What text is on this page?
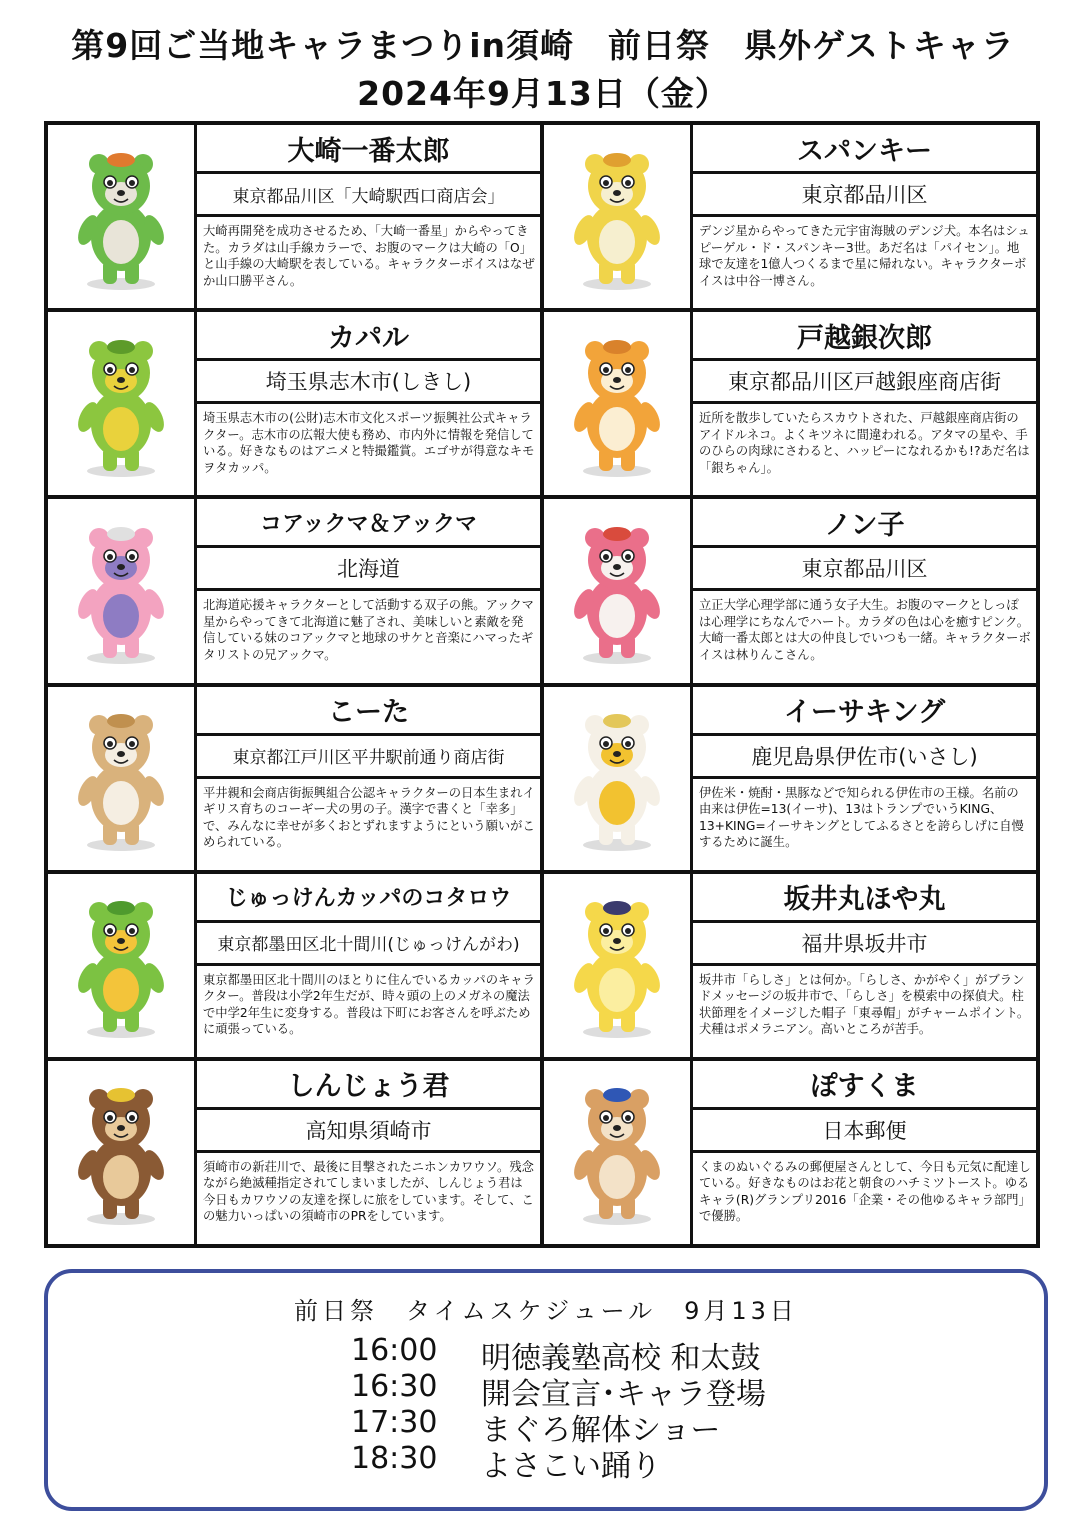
第9回ご当地キャラまつりin須崎　前日祭　県外ゲストキャラ
2024年9月13日（金）
大崎一番太郎
東京都品川区「大崎駅西口商店会」
大崎再開発を成功させるため、「大崎一番星」からやってきた。カラダは山手線カラーで、お腹のマークは大崎の「O」と山手線の大崎駅を表している。キャラクターボイスはなぜか山口勝平さん。
スパンキー
東京都品川区
デンジ星からやってきた元宇宙海賊のデンジ犬。本名はシュピーゲル・ド・スパンキー3世。あだ名は「パイセン」。地球で友達を1億人つくるまで星に帰れない。キャラクターボイスは中谷一博さん。
カパル
埼玉県志木市(しきし)
埼玉県志木市の(公財)志木市文化スポーツ振興社公式キャラクター。志木市の広報大使も務め、市内外に情報を発信している。好きなものはアニメと特撮鑑賞。エゴサが得意なキモヲタカッパ。
戸越銀次郎
東京都品川区戸越銀座商店街
近所を散歩していたらスカウトされた、戸越銀座商店街のアイドルネコ。よくキツネに間違われる。アタマの星や、手のひらの肉球にさわると、ハッピーになれるかも!?あだ名は「銀ちゃん」。
コアックマ＆アックマ
北海道
北海道応援キャラクターとして活動する双子の熊。アックマ星からやってきて北海道に魅了され、美味しいと素敵を発信している妹のコアックマと地球のサケと音楽にハマったギタリストの兄アックマ。
ノン子
東京都品川区
立正大学心理学部に通う女子大生。お腹のマークとしっぽは心理学にちなんでハート。カラダの色は心を癒すピンク。大崎一番太郎とは大の仲良しでいつも一緒。キャラクターボイスは林りんこさん。
こーた
東京都江戸川区平井駅前通り商店街
平井親和会商店街振興組合公認キャラクターの日本生まれイギリス育ちのコーギー犬の男の子。漢字で書くと「幸多」で、みんなに幸せが多くおとずれますようにという願いがこめられている。
イーサキング
鹿児島県伊佐市(いさし)
伊佐米・焼酎・黒豚などで知られる伊佐市の王様。名前の由来は伊佐=13(イーサ)、13はトランプでいうKING、13+KING=イーサキングとしてふるさとを誇らしげに自慢するために誕生。
じゅっけんカッパのコタロウ
東京都墨田区北十間川(じゅっけんがわ)
東京都墨田区北十間川のほとりに住んでいるカッパのキャラクター。普段は小学2年生だが、時々頭の上のメガネの魔法で中学2年生に変身する。普段は下町にお客さんを呼ぶために頑張っている。
坂井丸ほや丸
福井県坂井市
坂井市「らしさ」とは何か。「らしさ、かがやく」がブランドメッセージの坂井市で、「らしさ」を模索中の探偵犬。柱状節理をイメージした帽子「東尋帽」がチャームポイント。犬種はポメラニアン。高いところが苦手。
しんじょう君
高知県須崎市
須崎市の新荘川で、最後に目撃されたニホンカワウソ。残念ながら絶滅種指定されてしまいましたが、しんじょう君は今日もカワウソの友達を探しに旅をしています。そして、この魅力いっぱいの須崎市のPRをしています。
ぽすくま
日本郵便
くまのぬいぐるみの郵便屋さんとして、今日も元気に配達している。好きなものはお花と朝食のハチミツトースト。ゆるキャラ(R)グランプリ2016「企業・その他ゆるキャラ部門」で優勝。
前日祭　タイムスケジュール　9月13日
16:00	明徳義塾高校 和太鼓
16:30	開会宣言･キャラ登場
17:30	まぐろ解体ショー
18:30	よさこい踊り
